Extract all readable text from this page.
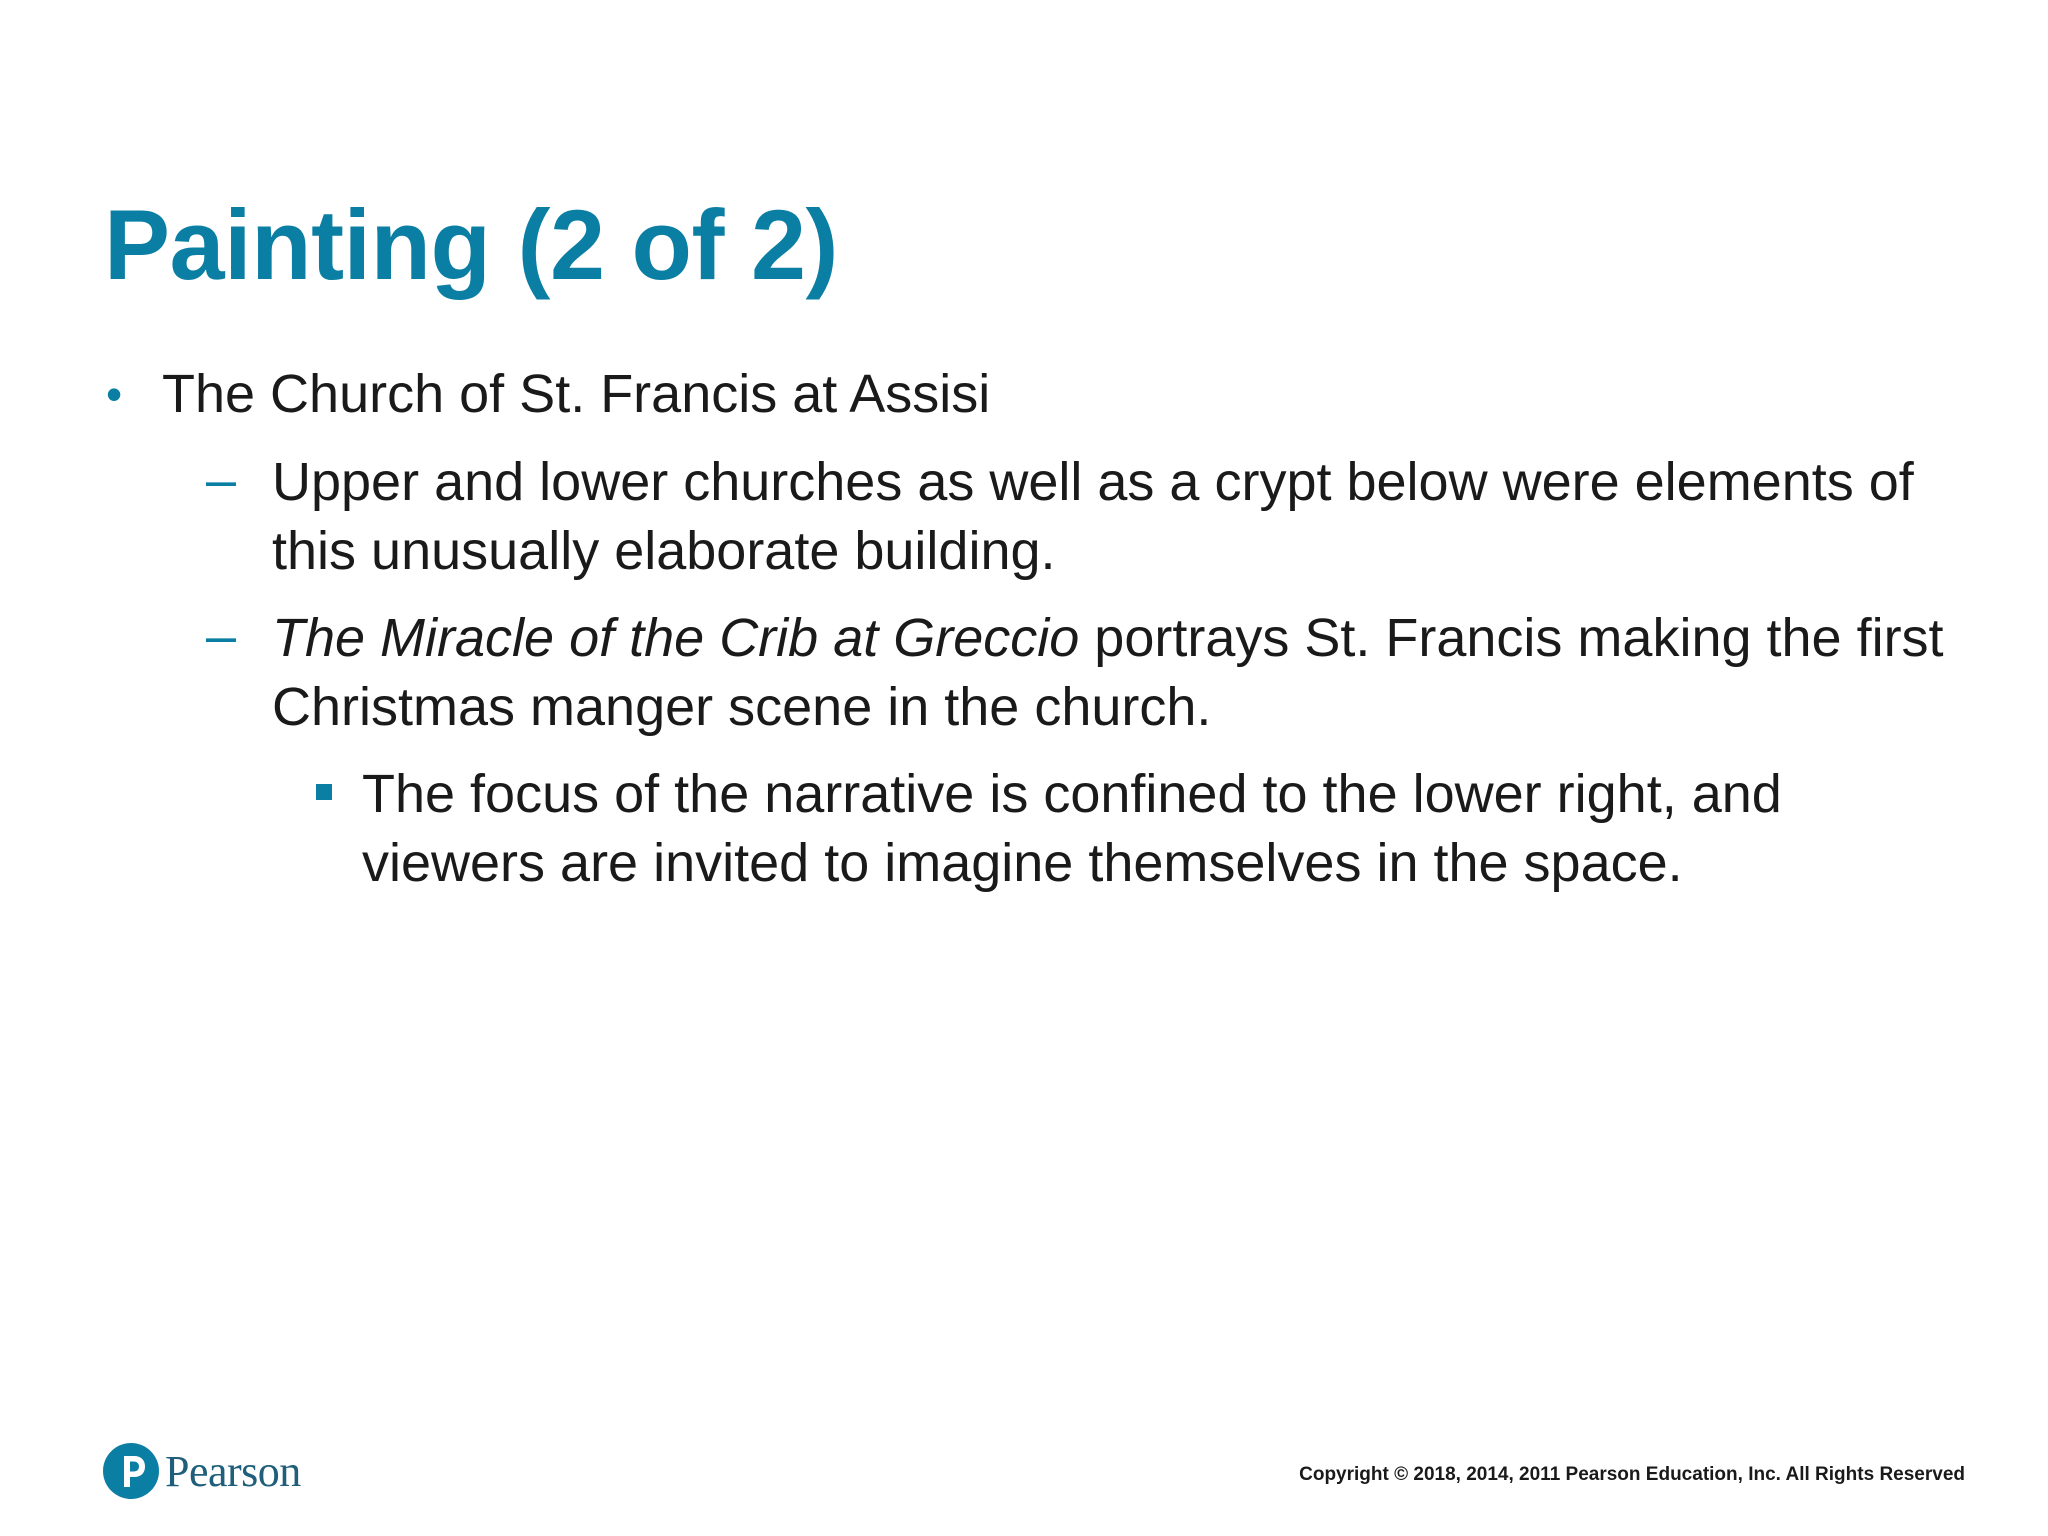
Painting (2 of 2)
• The Church of St. Francis at Assisi
– Upper and lower churches as well as a crypt below were elements of this unusually elaborate building.
– The Miracle of the Crib at Greccio portrays St. Francis making the first Christmas manger scene in the church.
The focus of the narrative is confined to the lower right, and viewers are invited to imagine themselves in the space.
Pearson	Copyright © 2018, 2014, 2011 Pearson Education, Inc. All Rights Reserved
